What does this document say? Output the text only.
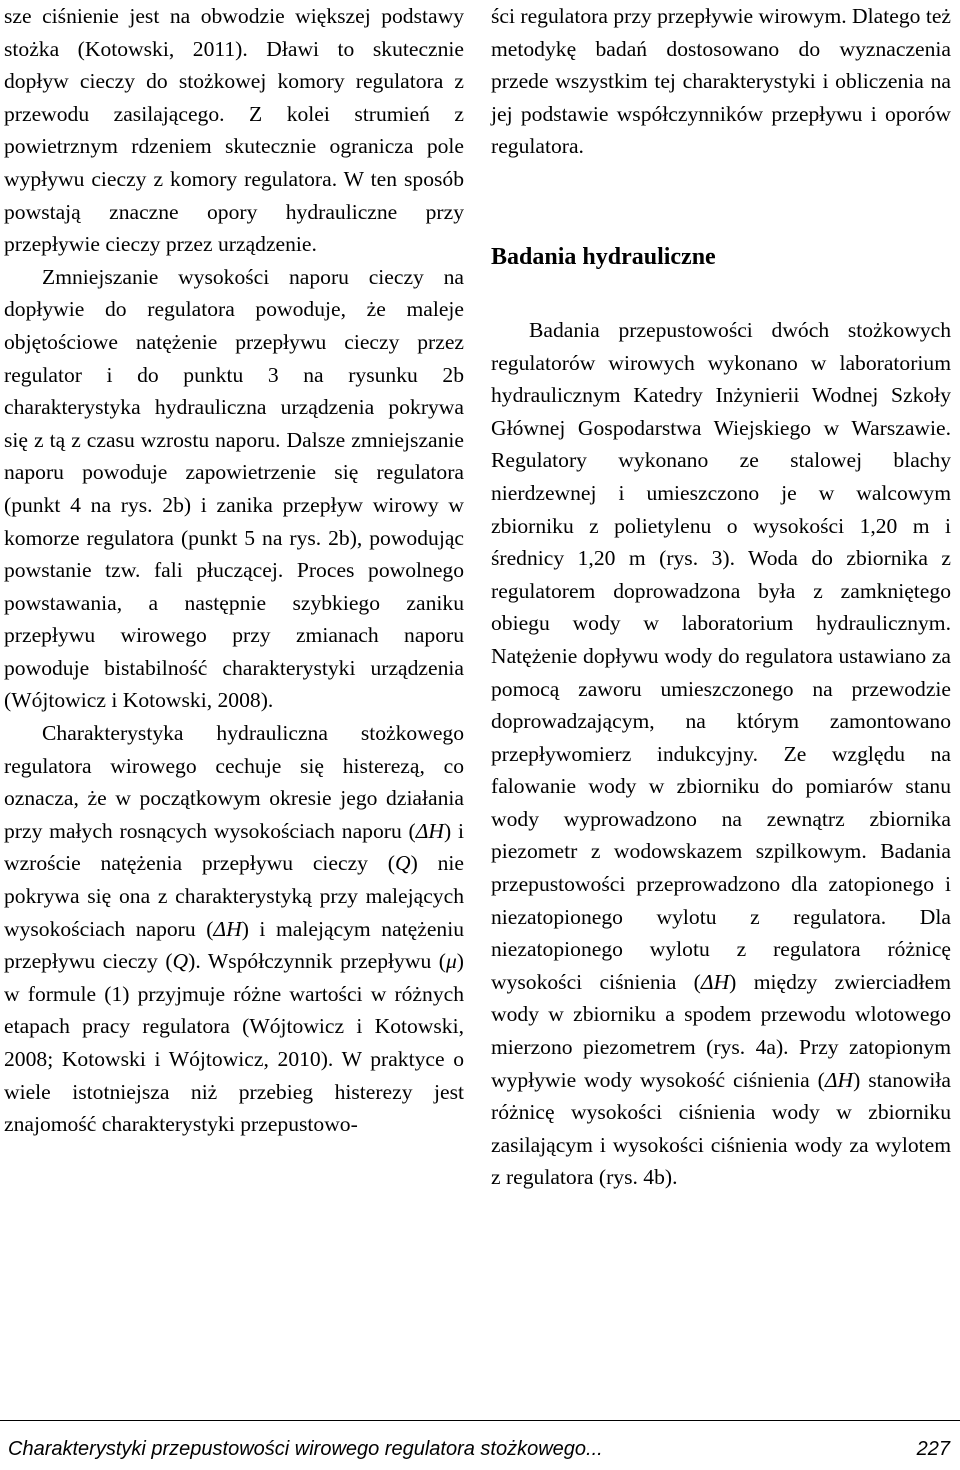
sze ciśnienie jest na obwodzie większej podstawy stożka (Kotowski, 2011). Dławi to skutecznie dopływ cieczy do stożkowej komory regulatora z przewodu zasilającego. Z kolei strumień z powietrznym rdzeniem skutecznie ogranicza pole wypływu cieczy z komory regulatora. W ten sposób powstają znaczne opory hydrauliczne przy przepływie cieczy przez urządzenie.

Zmniejszanie wysokości naporu cieczy na dopływie do regulatora powoduje, że maleje objętościowe natężenie przepływu cieczy przez regulator i do punktu 3 na rysunku 2b charakterystyka hydrauliczna urządzenia pokrywa się z tą z czasu wzrostu naporu. Dalsze zmniejszanie naporu powoduje zapowietrzenie się regulatora (punkt 4 na rys. 2b) i zanika przepływ wirowy w komorze regulatora (punkt 5 na rys. 2b), powodując powstanie tzw. fali płuczącej. Proces powolnego powstawania, a następnie szybkiego zaniku przepływu wirowego przy zmianach naporu powoduje bistabilność charakterystyki urządzenia (Wójtowicz i Kotowski, 2008).

Charakterystyka hydrauliczna stożkowego regulatora wirowego cechuje się histerezą, co oznacza, że w początkowym okresie jego działania przy małych rosnących wysokościach naporu (ΔH) i wzroście natężenia przepływu cieczy (Q) nie pokrywa się ona z charakterystyką przy malejących wysokościach naporu (ΔH) i malejącym natężeniu przepływu cieczy (Q). Współczynnik przepływu (μ) w formule (1) przyjmuje różne wartości w różnych etapach pracy regulatora (Wójtowicz i Kotowski, 2008; Kotowski i Wójtowicz, 2010). W praktyce o wiele istotniejsza niż przebieg histerezy jest znajomość charakterystyki przepustowo-

ści regulatora przy przepływie wirowym. Dlatego też metodykę badań dostosowano do wyznaczenia przede wszystkim tej charakterystyki i obliczenia na jej podstawie współczynników przepływu i oporów regulatora.

Badania hydrauliczne

Badania przepustowości dwóch stożkowych regulatorów wirowych wykonano w laboratorium hydraulicznym Katedry Inżynierii Wodnej Szkoły Głównej Gospodarstwa Wiejskiego w Warszawie. Regulatory wykonano ze stalowej blachy nierdzewnej i umieszczono je w walcowym zbiorniku z polietylenu o wysokości 1,20 m i średnicy 1,20 m (rys. 3). Woda do zbiornika z regulatorem doprowadzona była z zamkniętego obiegu wody w laboratorium hydraulicznym. Natężenie dopływu wody do regulatora ustawiano za pomocą zaworu umieszczonego na przewodzie doprowadzającym, na którym zamontowano przepływomierz indukcyjny. Ze względu na falowanie wody w zbiorniku do pomiarów stanu wody wyprowadzono na zewnątrz zbiornika piezometr z wodowskazem szpilkowym. Badania przepustowości przeprowadzono dla zatopionego i niezatopionego wylotu z regulatora. Dla niezatopionego wylotu z regulatora różnicę wysokości ciśnienia (ΔH) między zwierciadłem wody w zbiorniku a spodem przewodu wlotowego mierzono piezometrem (rys. 4a). Przy zatopionym wypływie wody wysokość ciśnienia (ΔH) stanowiła różnicę wysokości ciśnienia wody w zbiorniku zasilającym i wysokości ciśnienia wody za wylotem z regulatora (rys. 4b).

Charakterystyki przepustowości wirowego regulatora stożkowego...	227
